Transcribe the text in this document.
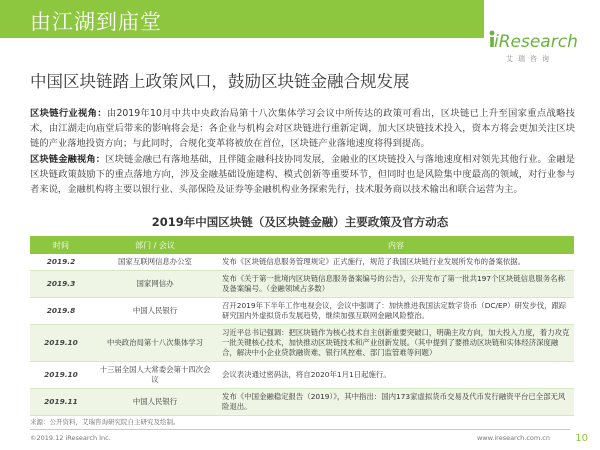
由江湖到庙堂
iResearch
艾瑞咨询
中国区块链踏上政策风口，鼓励区块链金融合规发展
区块链行业视角：由2019年10月中共中央政治局第十八次集体学习会议中所传达的政策可看出，区块链已上升至国家重点战略技术，由江湖走向庙堂后带来的影响将会是：各企业与机构会对区块链进行重新定调，加大区块链技术投入，资本方将会更加关注区块链的产业落地投资方向；与此同时，合规化变革将被放在首位，区块链产业落地速度将得到提高。
区块链金融视角：区块链金融已有落地基础，且伴随金融科技协同发展，金融业的区块链投入与落地速度相对领先其他行业。金融是区块链政策鼓励下的重点落地方向，涉及金融基础设施建构、模式创新等重要环节，但同时也是风险集中度最高的领域，对行业参与者来说，金融机构将主要以银行业、头部保险及证券等金融机构业务探索先行，技术服务商以技术输出和联合运营为主。
2019年中国区块链（及区块链金融）主要政策及官方动态
时间	部门 / 会议	内容
2019.2	国家互联网信息办公室	发布《区块链信息服务管理规定》正式施行，规范了我国区块链行业发展所发布的备案依据。
2019.3	国家网信办	发布《关于第一批境内区块链信息服务备案编号的公告》，公开发布了第一批共197个区块链信息服务名称及备案编号。（金融领域占多数）
2019.8	中国人民银行	召开2019年下半年工作电视会议，会议中强调了：加快推进我国法定数字货币（DC/EP）研发步伐，跟踪研究国内外虚拟货币发展趋势，继续加强互联网金融风险整治。
2019.10	中央政治局第十八次集体学习	习近平总书记强调：把区块链作为核心技术自主创新重要突破口，明确主攻方向，加大投入力度，着力攻克一批关键核心技术，加快推动区块链技术和产业创新发展。（其中提到了要推动区块链和实体经济深度融合，解决中小企业贷款融资难、银行风控难、部门监管难等问题）
2019.10	十三届全国人大常委会第十四次会议	会议表决通过密码法，将自2020年1月1日起施行。
2019.11	中国人民银行	发布《中国金融稳定报告（2019）》，其中指出：国内173家虚拟货币交易及代币发行融资平台已全部无风险退出。
来源：公开资料，艾瑞咨询研究院自主研究及绘制。
©2019.12 iResearch Inc.	www.iresearch.com.cn	10
